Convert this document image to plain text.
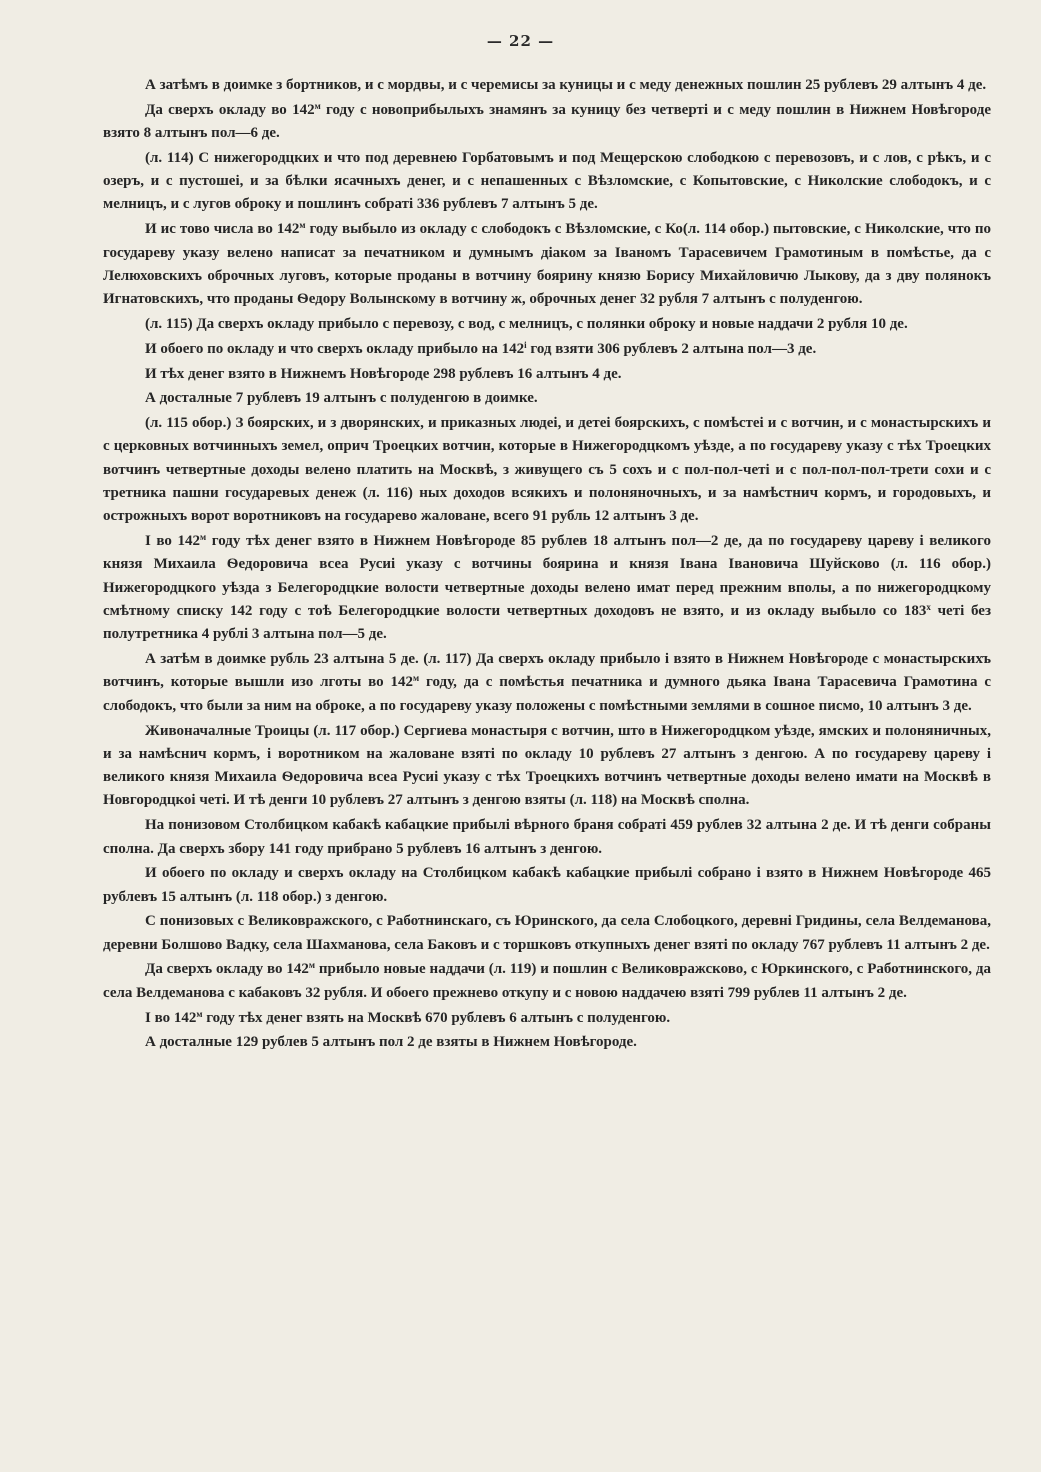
— 22 —

А затѣмъ в доимке з бортников, и с мордвы, и с черемисы за куницы и с меду денежных пошлин 25 рублевъ 29 алтынъ 4 де.

Да сверхъ окладу во $142^м$ году с новоприбылыхъ знамянъ за куницу без четверті и с меду пошлин в Нижнем Новѣгороде взято 8 алтынъ пол—6 де.

(л. 114) С нижегородцких и что под деревнею Горбатовымъ и под Мещерскою слободкою с перевозовъ, и с лов, с рѣкъ, и с озеръ, и с пустошеі, и за бѣлки ясачныхъ денег, и с непашенных с Вѣзломские, с Копытовские, с Николские слободокъ, и с мелницъ, и с лугов оброку и пошлинъ собраті 336 рублевъ 7 алтынъ 5 де.

И ис тово числа во $142^м$ году выбыло из окладу с слободокъ с Вѣзломские, с Ко(л. 114 обор.) пытовские, с Николские, что по государеву указу велено написат за печатником и думнымъ діаком за Іваномъ Тарасевичем Грамотиным в помѣстье, да с Лелюховскихъ оброчных луговъ, которые проданы в вотчину боярину князю Борису Михайловичю Лыкову, да з дву полянокъ Игнатовскихъ, что проданы Ѳедору Волынскому в вотчину ж, оброчных денег 32 рубля 7 алтынъ с полуденгою.

(л. 115) Да сверхъ окладу прибыло с перевозу, с вод, с мелницъ, с полянки оброку и новые наддачи 2 рубля 10 де.

И обоего по окладу и что сверхъ окладу прибыло на $142^і$ год взяти 306 рублевъ 2 алтына пол—3 де.

И тѣх денег взято в Нижнемъ Новѣгороде 298 рублевъ 16 алтынъ 4 де.

А досталные 7 рублевъ 19 алтынъ с полуденгою в доимке.

(л. 115 обор.) З боярских, и з дворянских, и приказных людеі, и детеі боярскихъ, с помѣстеі и с вотчин, и с монастырскихъ и с церковных вотчинныхъ земел, оприч Троецких вотчин, которые в Нижегородцкомъ уѣзде, а по государеву указу с тѣх Троецких вотчинъ четвертные доходы велено платить на Москвѣ, з живущего съ 5 сохъ и с пол-пол-четі и с пол-пол-пол-трети сохи и с третника пашни государевых денеж (л. 116) ных доходов всякихъ и полоняночныхъ, и за намѣстнич кормъ, и городовыхъ, и острожныхъ ворот воротниковъ на государево жаловане, всего 91 рубль 12 алтынъ 3 де.

І во $142^м$ году тѣх денег взято в Нижнем Новѣгороде 85 рублев 18 алтынъ пол—2 де, да по государеву цареву і великого князя Михаила Ѳедоровича всеа Русиі указу с вотчины боярина и князя Івана Івановича Шуйсково (л. 116 обор.) Нижегородцкого уѣзда з Белегородцкие волости четвертные доходы велено имат перед прежним вполы, а по нижегородцкому смѣтному списку 142 году с тоѣ Белегородцкие волости четвертных доходовъ не взято, и из окладу выбыло со $183^х$ четі без полутретника 4 рублі 3 алтына пол—5 де.

А затѣм в доимке рубль 23 алтына 5 де. (л. 117) Да сверхъ окладу прибыло і взято в Нижнем Новѣгороде с монастырскихъ вотчинъ, которые вышли изо лготы во $142^м$ году, да с помѣстья печатника и думного дьяка Івана Тарасевича Грамотина с слободокъ, что были за ним на оброке, а по государеву указу положены с помѣстными землями в сошное писмо, 10 алтынъ 3 де.

Живоначалные Троицы (л. 117 обор.) Сергиева монастыря с вотчин, што в Нижегородцком уѣзде, ямских и полоняничных, и за намѣснич кормъ, і воротником на жаловане взяті по окладу 10 рублевъ 27 алтынъ з денгою. А по государеву цареву і великого князя Михаила Ѳедоровича всеа Русиі указу с тѣх Троецкихъ вотчинъ четвертные доходы велено имати на Москвѣ в Новгородцкоі четі. И тѣ денги 10 рублевъ 27 алтынъ з денгою взяты (л. 118) на Москвѣ сполна.

На понизовом Столбицком кабакѣ кабацкие прибылі вѣрного браня собраті 459 рублев 32 алтына 2 де. И тѣ денги собраны сполна. Да сверхъ збору 141 году прибрано 5 рублевъ 16 алтынъ з денгою.

И обоего по окладу и сверхъ окладу на Столбицком кабакѣ кабацкие прибылі собрано і взято в Нижнем Новѣгороде 465 рублевъ 15 алтынъ (л. 118 обор.) з денгою.

С понизовых с Великовражского, с Работнинскаго, съ Юринского, да села Слобоцкого, деревні Гридины, села Велдеманова, деревни Болшово Вадку, села Шахманова, села Баковъ и с торшковъ откупныхъ денег взяті по окладу 767 рублевъ 11 алтынъ 2 де.

Да сверхъ окладу во $142^м$ прибыло новые наддачи (л. 119) и пошлин с Великовражсково, с Юркинского, с Работнинского, да села Велдеманова с кабаковъ 32 рубля. И обоего прежнево откупу и с новою наддачею взяті 799 рублев 11 алтынъ 2 де.

І во $142^м$ году тѣх денег взять на Москвѣ 670 рублевъ 6 алтынъ с полуденгою.

А досталные 129 рублев 5 алтынъ пол 2 де взяты в Нижнем Новѣгороде.
